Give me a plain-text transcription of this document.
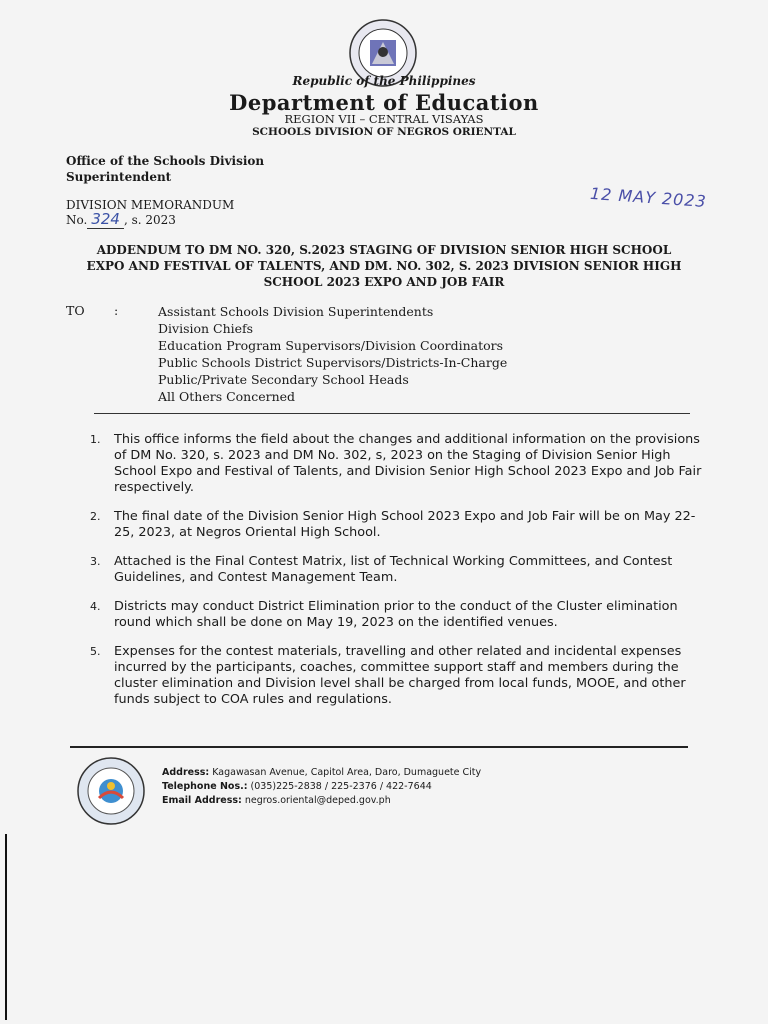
Republic of the Philippines
Department of Education
REGION VII – CENTRAL VISAYAS
SCHOOLS DIVISION OF NEGROS ORIENTAL
Office of the Schools Division Superintendent
DIVISION MEMORANDUM
No. 324 , s. 2023
12 MAY 2023
ADDENDUM TO DM NO. 320, S.2023 STAGING OF DIVISION SENIOR HIGH SCHOOL EXPO AND FESTIVAL OF TALENTS, AND DM. NO. 302, S. 2023 DIVISION SENIOR HIGH SCHOOL 2023 EXPO AND JOB FAIR
TO :	Assistant Schools Division Superintendents
Division Chiefs
Education Program Supervisors/Division Coordinators
Public Schools District Supervisors/Districts-In-Charge
Public/Private Secondary School Heads
All Others Concerned
1. This office informs the field about the changes and additional information on the provisions of DM No. 320, s. 2023 and DM No. 302, s, 2023 on the Staging of Division Senior High School Expo and Festival of Talents, and Division Senior High School 2023 Expo and Job Fair respectively.
2. The final date of the Division Senior High School 2023 Expo and Job Fair will be on May 22-25, 2023, at Negros Oriental High School.
3. Attached is the Final Contest Matrix, list of Technical Working Committees, and Contest Guidelines, and Contest Management Team.
4. Districts may conduct District Elimination prior to the conduct of the Cluster elimination round which shall be done on May 19, 2023 on the identified venues.
5. Expenses for the contest materials, travelling and other related and incidental expenses incurred by the participants, coaches, committee support staff and members during the cluster elimination and Division level shall be charged from local funds, MOOE, and other funds subject to COA rules and regulations.
Address: Kagawasan Avenue, Capitol Area, Daro, Dumaguete City
Telephone Nos.: (035)225-2838 / 225-2376 / 422-7644
Email Address: negros.oriental@deped.gov.ph
